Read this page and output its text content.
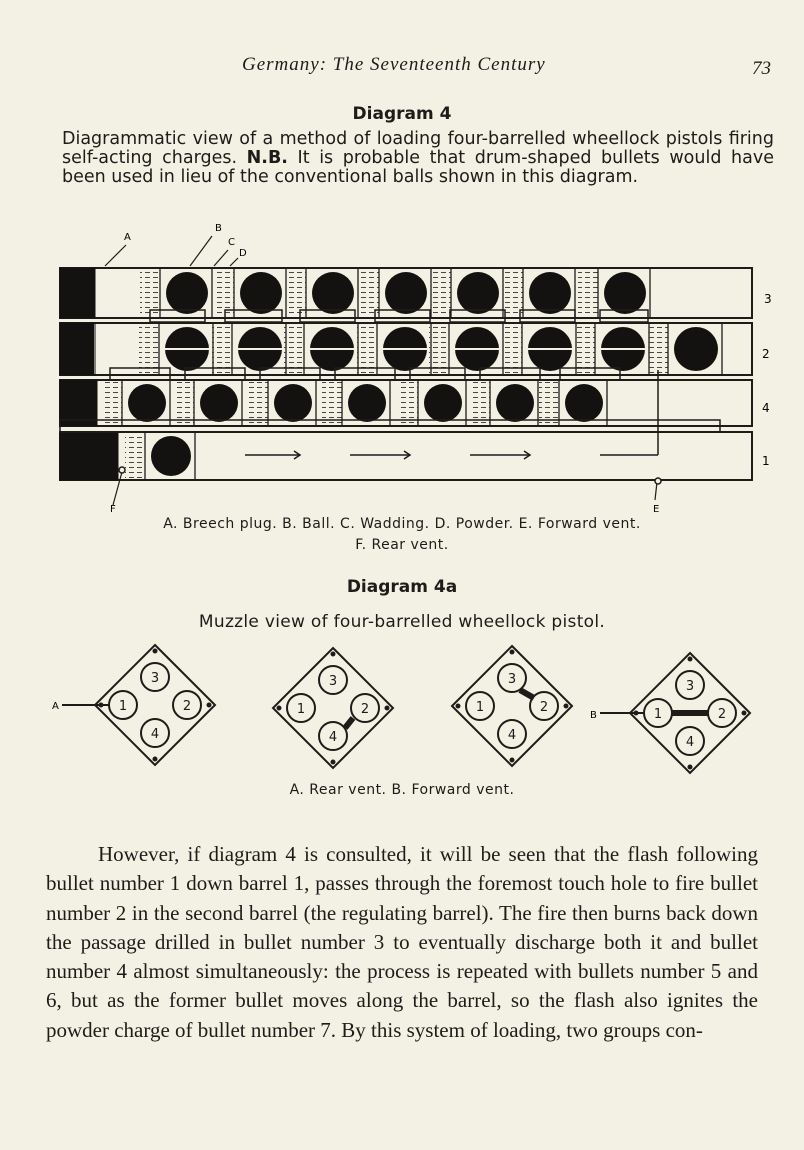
Germany: The Seventeenth Century	73
Diagram 4
Diagrammatic view of a method of loading four-barrelled wheellock pistols firing self-acting charges. N.B. It is probable that drum-shaped bullets would have been used in lieu of the conventional balls shown in this diagram.
A
B
C
D
E
F
3
2
4
1
A. Breech plug. B. Ball. C. Wadding. D. Powder. E. Forward vent.
F. Rear vent.
Diagram 4a
Muzzle view of four-barrelled wheellock pistol.
3
1	2
4
3
1	2
4
3
1	2
4
3
1	2
4
A
B
A. Rear vent. B. Forward vent.

However, if diagram 4 is consulted, it will be seen that the flash following bullet number 1 down barrel 1, passes through the foremost touch hole to fire bullet number 2 in the second barrel (the regulating barrel). The fire then burns back down the passage drilled in bullet number 3 to eventually discharge both it and bullet number 4 almost simultaneously: the process is repeated with bullets number 5 and 6, but as the former bullet moves along the barrel, so the flash also ignites the powder charge of bullet number 7. By this system of loading, two groups con-
